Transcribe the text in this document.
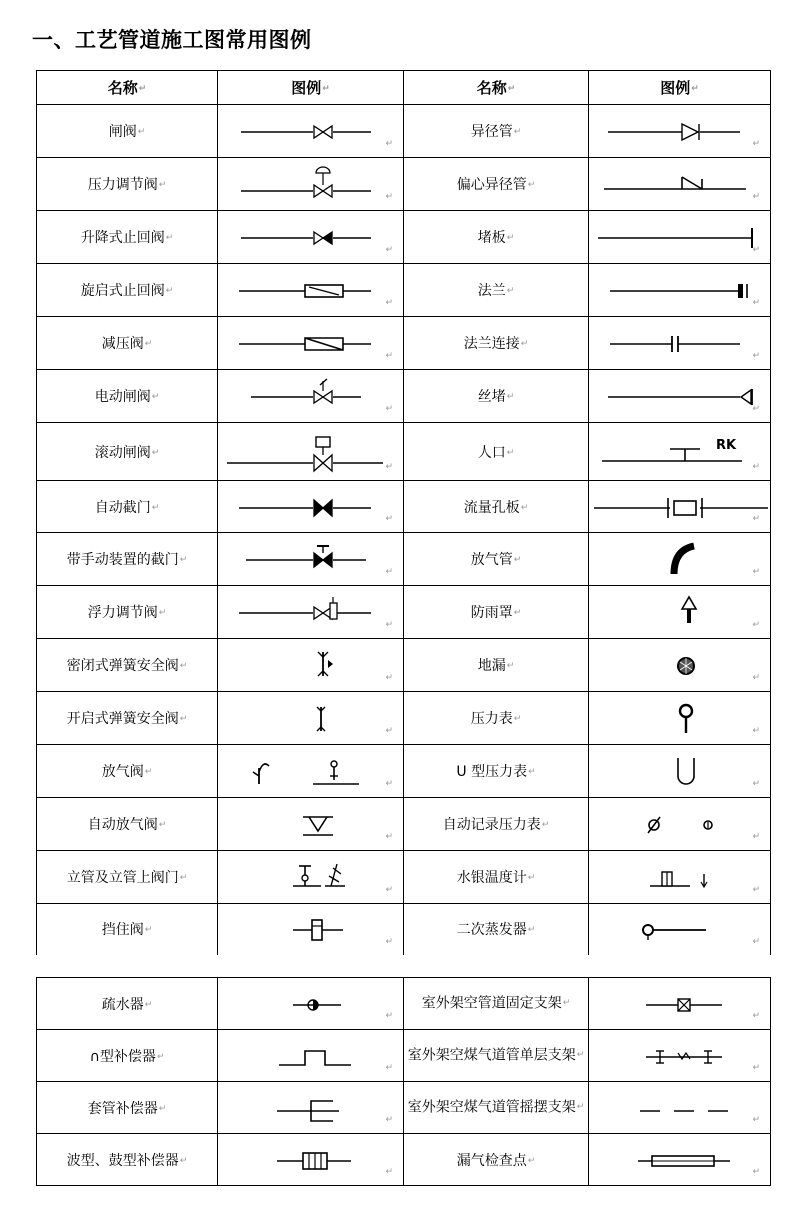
一、工艺管道施工图常用图例
名称↵	图例↵	名称↵	图例↵
闸阀↵	↵	异径管↵	↵

压力调节阀↵	↵	偏心异径管↵	↵

升降式止回阀↵	↵	堵板↵	↵

旋启式止回阀↵	↵	法兰↵	↵

减压阀↵	↵	法兰连接↵	↵

电动闸阀↵	↵	丝堵↵	↵

滚动闸阀↵	↵	人口↵	RK
↵

自动截门↵	↵	流量孔板↵	↵

带手动装置的截门↵	↵	放气管↵	↵

浮力调节阀↵	↵	防雨罩↵	↵

密闭式弹簧安全阀↵	↵	地漏↵	↵

开启式弹簧安全阀↵	↵	压力表↵	↵

放气阀↵	↵	U 型压力表↵	↵

自动放气阀↵	↵	自动记录压力表↵	↵

立管及立管上阀门↵	↵	水银温度计↵	↵

挡住阀↵	↵	二次蒸发器↵	↵
疏水器↵	↵	室外架空管道固定支架↵	↵

∩型补偿器↵	↵	室外架空煤气道管单层支架↵	↵

套管补偿器↵	↵	室外架空煤气道管摇摆支架↵	↵

波型、鼓型补偿器↵	↵	漏气检查点↵	↵
